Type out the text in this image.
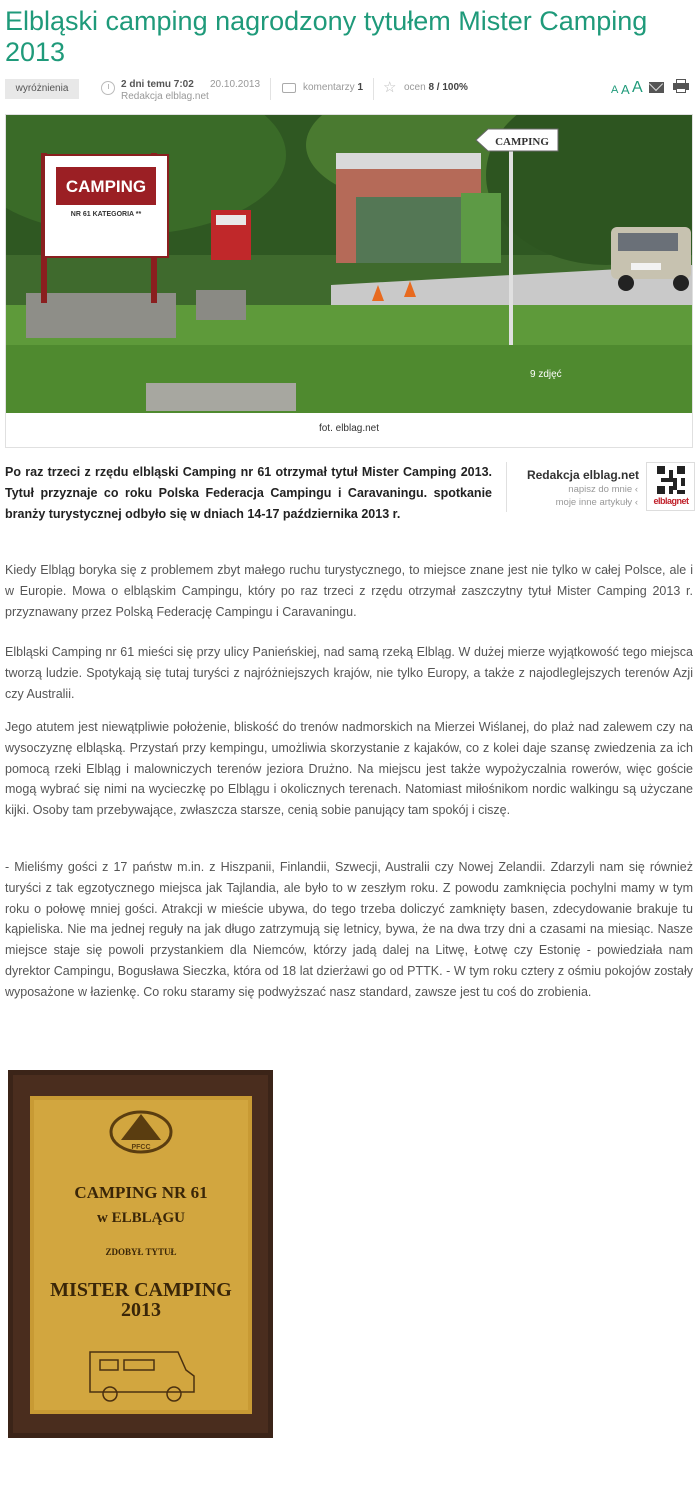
Elbląski camping nagrodzony tytułem Mister Camping 2013
wyróżnienia	2 dni temu 7:02 20.10.2013
Redakcja elblag.net
komentarzy 1 ☆ ocen 8 / 100%	A A A
CAMPING
NR 61 KATEGORIA **
CAMPING
9 zdjęć
fot. elblag.net

Po raz trzeci z rzędu elbląski Camping nr 61 otrzymał tytuł Mister Camping 2013. Tytuł przyznaje co roku Polska Federacja Campingu i Caravaningu. spotkanie branży turystycznej odbyło się w dniach 14-17 października 2013 r.

Redakcja elblag.net
napisz do mnie ‹
moje inne artykuły ‹	elblagnet

Kiedy Elbląg boryka się z problemem zbyt małego ruchu turystycznego, to miejsce znane jest nie tylko w całej Polsce, ale i w Europie. Mowa o elbląskim Campingu, który po raz trzeci z rzędu otrzymał zaszczytny tytuł Mister Camping 2013 r. przyznawany przez Polską Federację Campingu i Caravaningu.

Elbląski Camping nr 61 mieści się przy ulicy Panieńskiej, nad samą rzeką Elbląg. W dużej mierze wyjątkowość tego miejsca tworzą ludzie. Spotykają się tutaj turyści z najróżniejszych krajów, nie tylko Europy, a także z najodleglejszych terenów Azji czy Australii.

Jego atutem jest niewątpliwie położenie, bliskość do trenów nadmorskich na Mierzei Wiślanej, do plaż nad zalewem czy na wysoczyznę elbląską. Przystań przy kempingu, umożliwia skorzystanie z kajaków, co z kolei daje szansę zwiedzenia za ich pomocą rzeki Elbląg i malowniczych terenów jeziora Drużno. Na miejscu jest także wypożyczalnia rowerów, więc goście mogą wybrać się nimi na wycieczkę po Elblągu i okolicznych terenach. Natomiast miłośnikom nordic walkingu są użyczane kijki. Osoby tam przebywające, zwłaszcza starsze, cenią sobie panujący tam spokój i ciszę.

- Mieliśmy gości z 17 państw m.in. z Hiszpanii, Finlandii, Szwecji, Australii czy Nowej Zelandii. Zdarzyli nam się również turyści z tak egzotycznego miejsca jak Tajlandia, ale było to w zeszłym roku. Z powodu zamknięcia pochylni mamy w tym roku o połowę mniej gości. Atrakcji w mieście ubywa, do tego trzeba doliczyć zamknięty basen, zdecydowanie brakuje tu kąpieliska. Nie ma jednej reguły na jak długo zatrzymują się letnicy, bywa, że na dwa trzy dni a czasami na miesiąc. Nasze miejsce staje się powoli przystankiem dla Niemców, którzy jadą dalej na Litwę, Łotwę czy Estonię - powiedziała nam dyrektor Campingu, Bogusława Sieczka, która od 18 lat dzierżawi go od PTTK. - W tym roku cztery z ośmiu pokojów zostały wyposażone w łazienkę. Co roku staramy się podwyższać nasz standard, zawsze jest tu coś do zrobienia.

PFCC
CAMPING NR 61
w ELBLĄGU
ZDOBYŁ TYTUŁ
MISTER CAMPING
2013
